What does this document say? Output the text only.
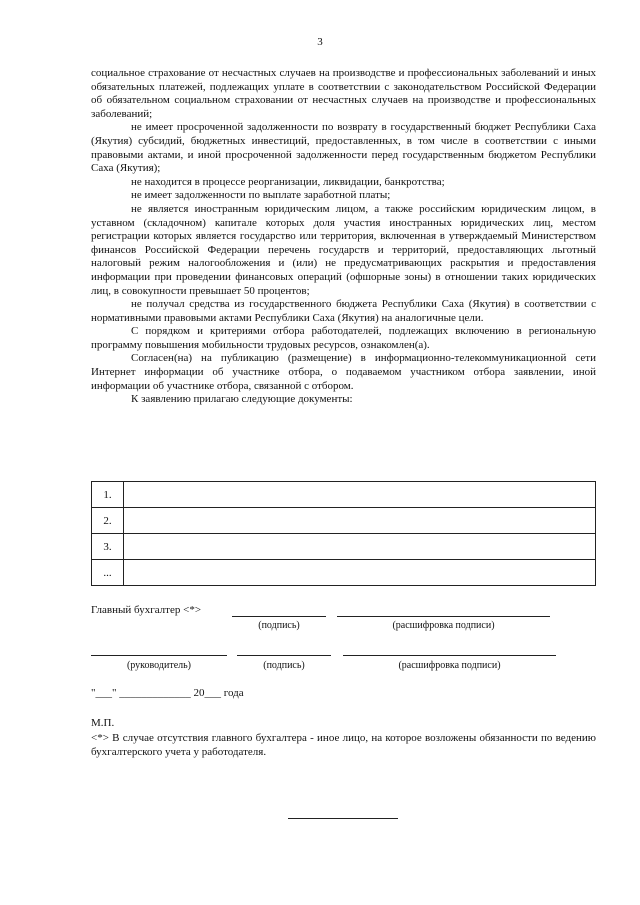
3

социальное страхование от несчастных случаев на производстве и профессиональных заболеваний и иных обязательных платежей, подлежащих уплате в соответствии с законодательством Российской Федерации об обязательном социальном страховании от несчастных случаев на производстве и профессиональных заболеваний;

не имеет просроченной задолженности по возврату в государственный бюджет Республики Саха (Якутия) субсидий, бюджетных инвестиций, предоставленных, в том числе в соответствии с иными правовыми актами, и иной просроченной задолженности перед государственным бюджетом Республики Саха (Якутия);

не находится в процессе реорганизации, ликвидации, банкротства;

не имеет задолженности по выплате заработной платы;

не является иностранным юридическим лицом, а также российским юридическим лицом, в уставном (складочном) капитале которых доля участия иностранных юридических лиц, местом регистрации которых является государство или территория, включенная в утверждаемый Министерством финансов Российской Федерации перечень государств и территорий, предоставляющих льготный налоговый режим налогообложения и (или) не предусматривающих раскрытия и предоставления информации при проведении финансовых операций (офшорные зоны) в отношении таких юридических лиц, в совокупности превышает 50 процентов;

не получал средства из государственного бюджета Республики Саха (Якутия) в соответствии с нормативными правовыми актами Республики Саха (Якутия) на аналогичные цели.

С порядком и критериями отбора работодателей, подлежащих включению в региональную программу повышения мобильности трудовых ресурсов, ознакомлен(а).

Согласен(на) на публикацию (размещение) в информационно-телекоммуникационной сети Интернет информации об участнике отбора, о подаваемом участником отбора заявлении, иной информации об участнике отбора, связанной с отбором.

К заявлению прилагаю следующие документы:

1.	
2.	
3.	
...	
Главный бухгалтер <*>
(подпись)	(расшифровка подписи)
(руководитель)	(подпись)	(расшифровка подписи)
"___" _____________ 20___ года
М.П.

<*> В случае отсутствия главного бухгалтера - иное лицо, на которое возложены обязанности по ведению бухгалтерского учета у работодателя.
